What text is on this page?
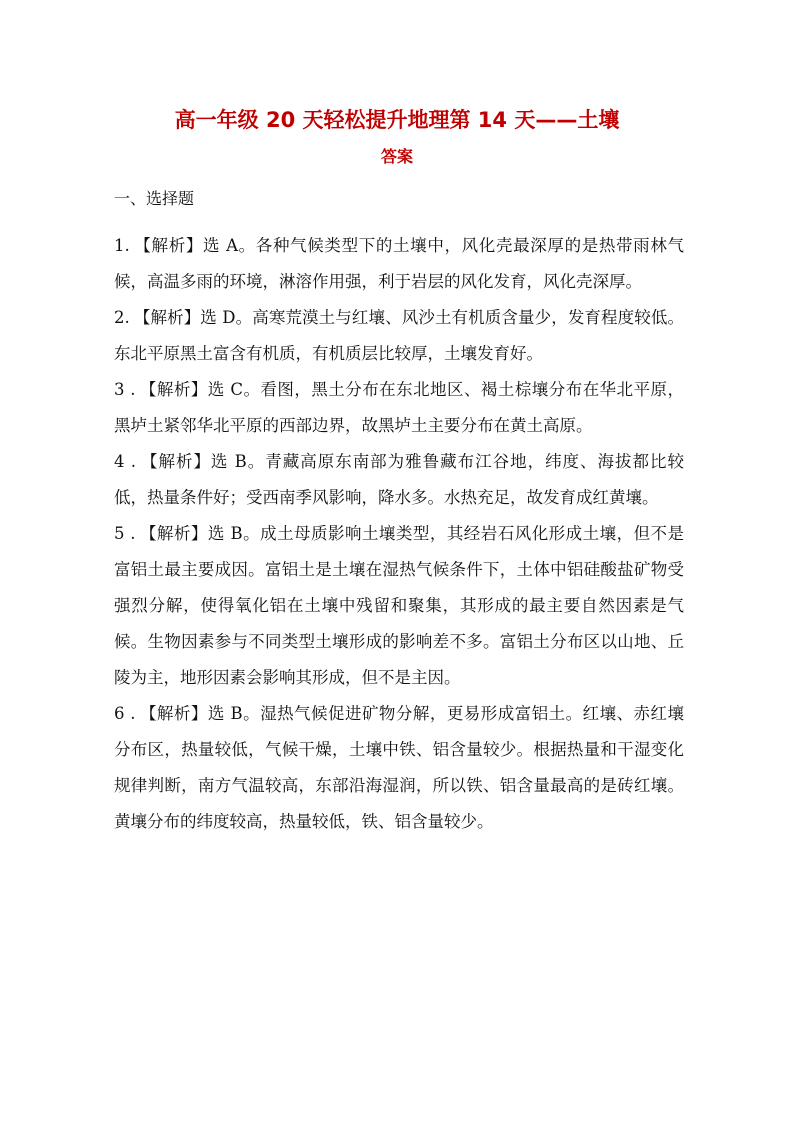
高一年级 20 天轻松提升地理第 14 天——土壤
答案
一、选择题

1. 【解析】选 A。各种气候类型下的土壤中，风化壳最深厚的是热带雨林气候，高温多雨的环境，淋溶作用强，利于岩层的风化发育，风化壳深厚。

2. 【解析】选 D。高寒荒漠土与红壤、风沙土有机质含量少，发育程度较低。东北平原黑土富含有机质，有机质层比较厚，土壤发育好。

3 . 【解析】选 C。看图，黑土分布在东北地区、褐土棕壤分布在华北平原，黑垆土紧邻华北平原的西部边界，故黑垆土主要分布在黄土高原。

4 . 【解析】选 B。青藏高原东南部为雅鲁藏布江谷地，纬度、海拔都比较低，热量条件好；受西南季风影响，降水多。水热充足，故发育成红黄壤。

5 . 【解析】选 B。成土母质影响土壤类型，其经岩石风化形成土壤，但不是富铝土最主要成因。富铝土是土壤在湿热气候条件下，土体中铝硅酸盐矿物受强烈分解，使得氧化铝在土壤中残留和聚集，其形成的最主要自然因素是气候。生物因素参与不同类型土壤形成的影响差不多。富铝土分布区以山地、丘陵为主，地形因素会影响其形成，但不是主因。

6 . 【解析】选 B。湿热气候促进矿物分解，更易形成富铝土。红壤、赤红壤分布区，热量较低，气候干燥，土壤中铁、铝含量较少。根据热量和干湿变化规律判断，南方气温较高，东部沿海湿润，所以铁、铝含量最高的是砖红壤。黄壤分布的纬度较高，热量较低，铁、铝含量较少。
